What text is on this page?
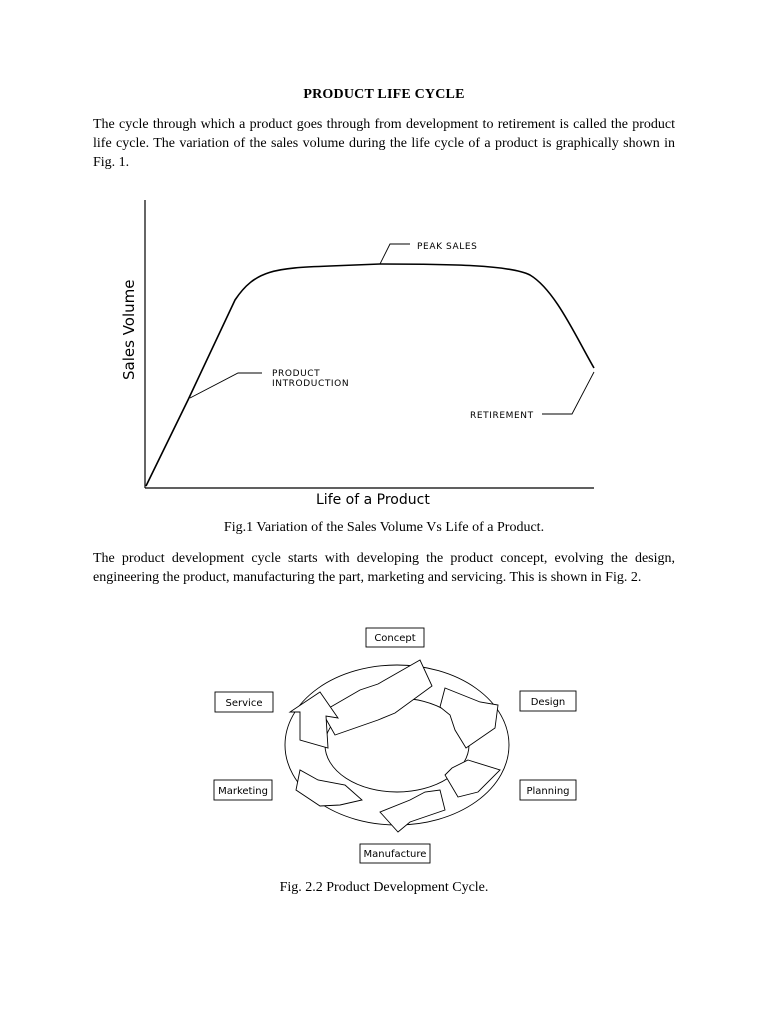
PRODUCT LIFE CYCLE

The cycle through which a product goes through from development to retirement is called the product life cycle. The variation of the sales volume during the life cycle of a product is graphically shown in Fig. 1.

PEAK SALES
PRODUCT
INTRODUCTION
RETIREMENT
Sales Volume
Life of a Product
Concept
Design
Planning
Manufacture
Marketing
Service
Fig.1 Variation of the Sales Volume Vs Life of a Product.

The product development cycle starts with developing the product concept, evolving the design, engineering the product, manufacturing the part, marketing and servicing. This is shown in Fig. 2.

Fig. 2.2 Product Development Cycle.
